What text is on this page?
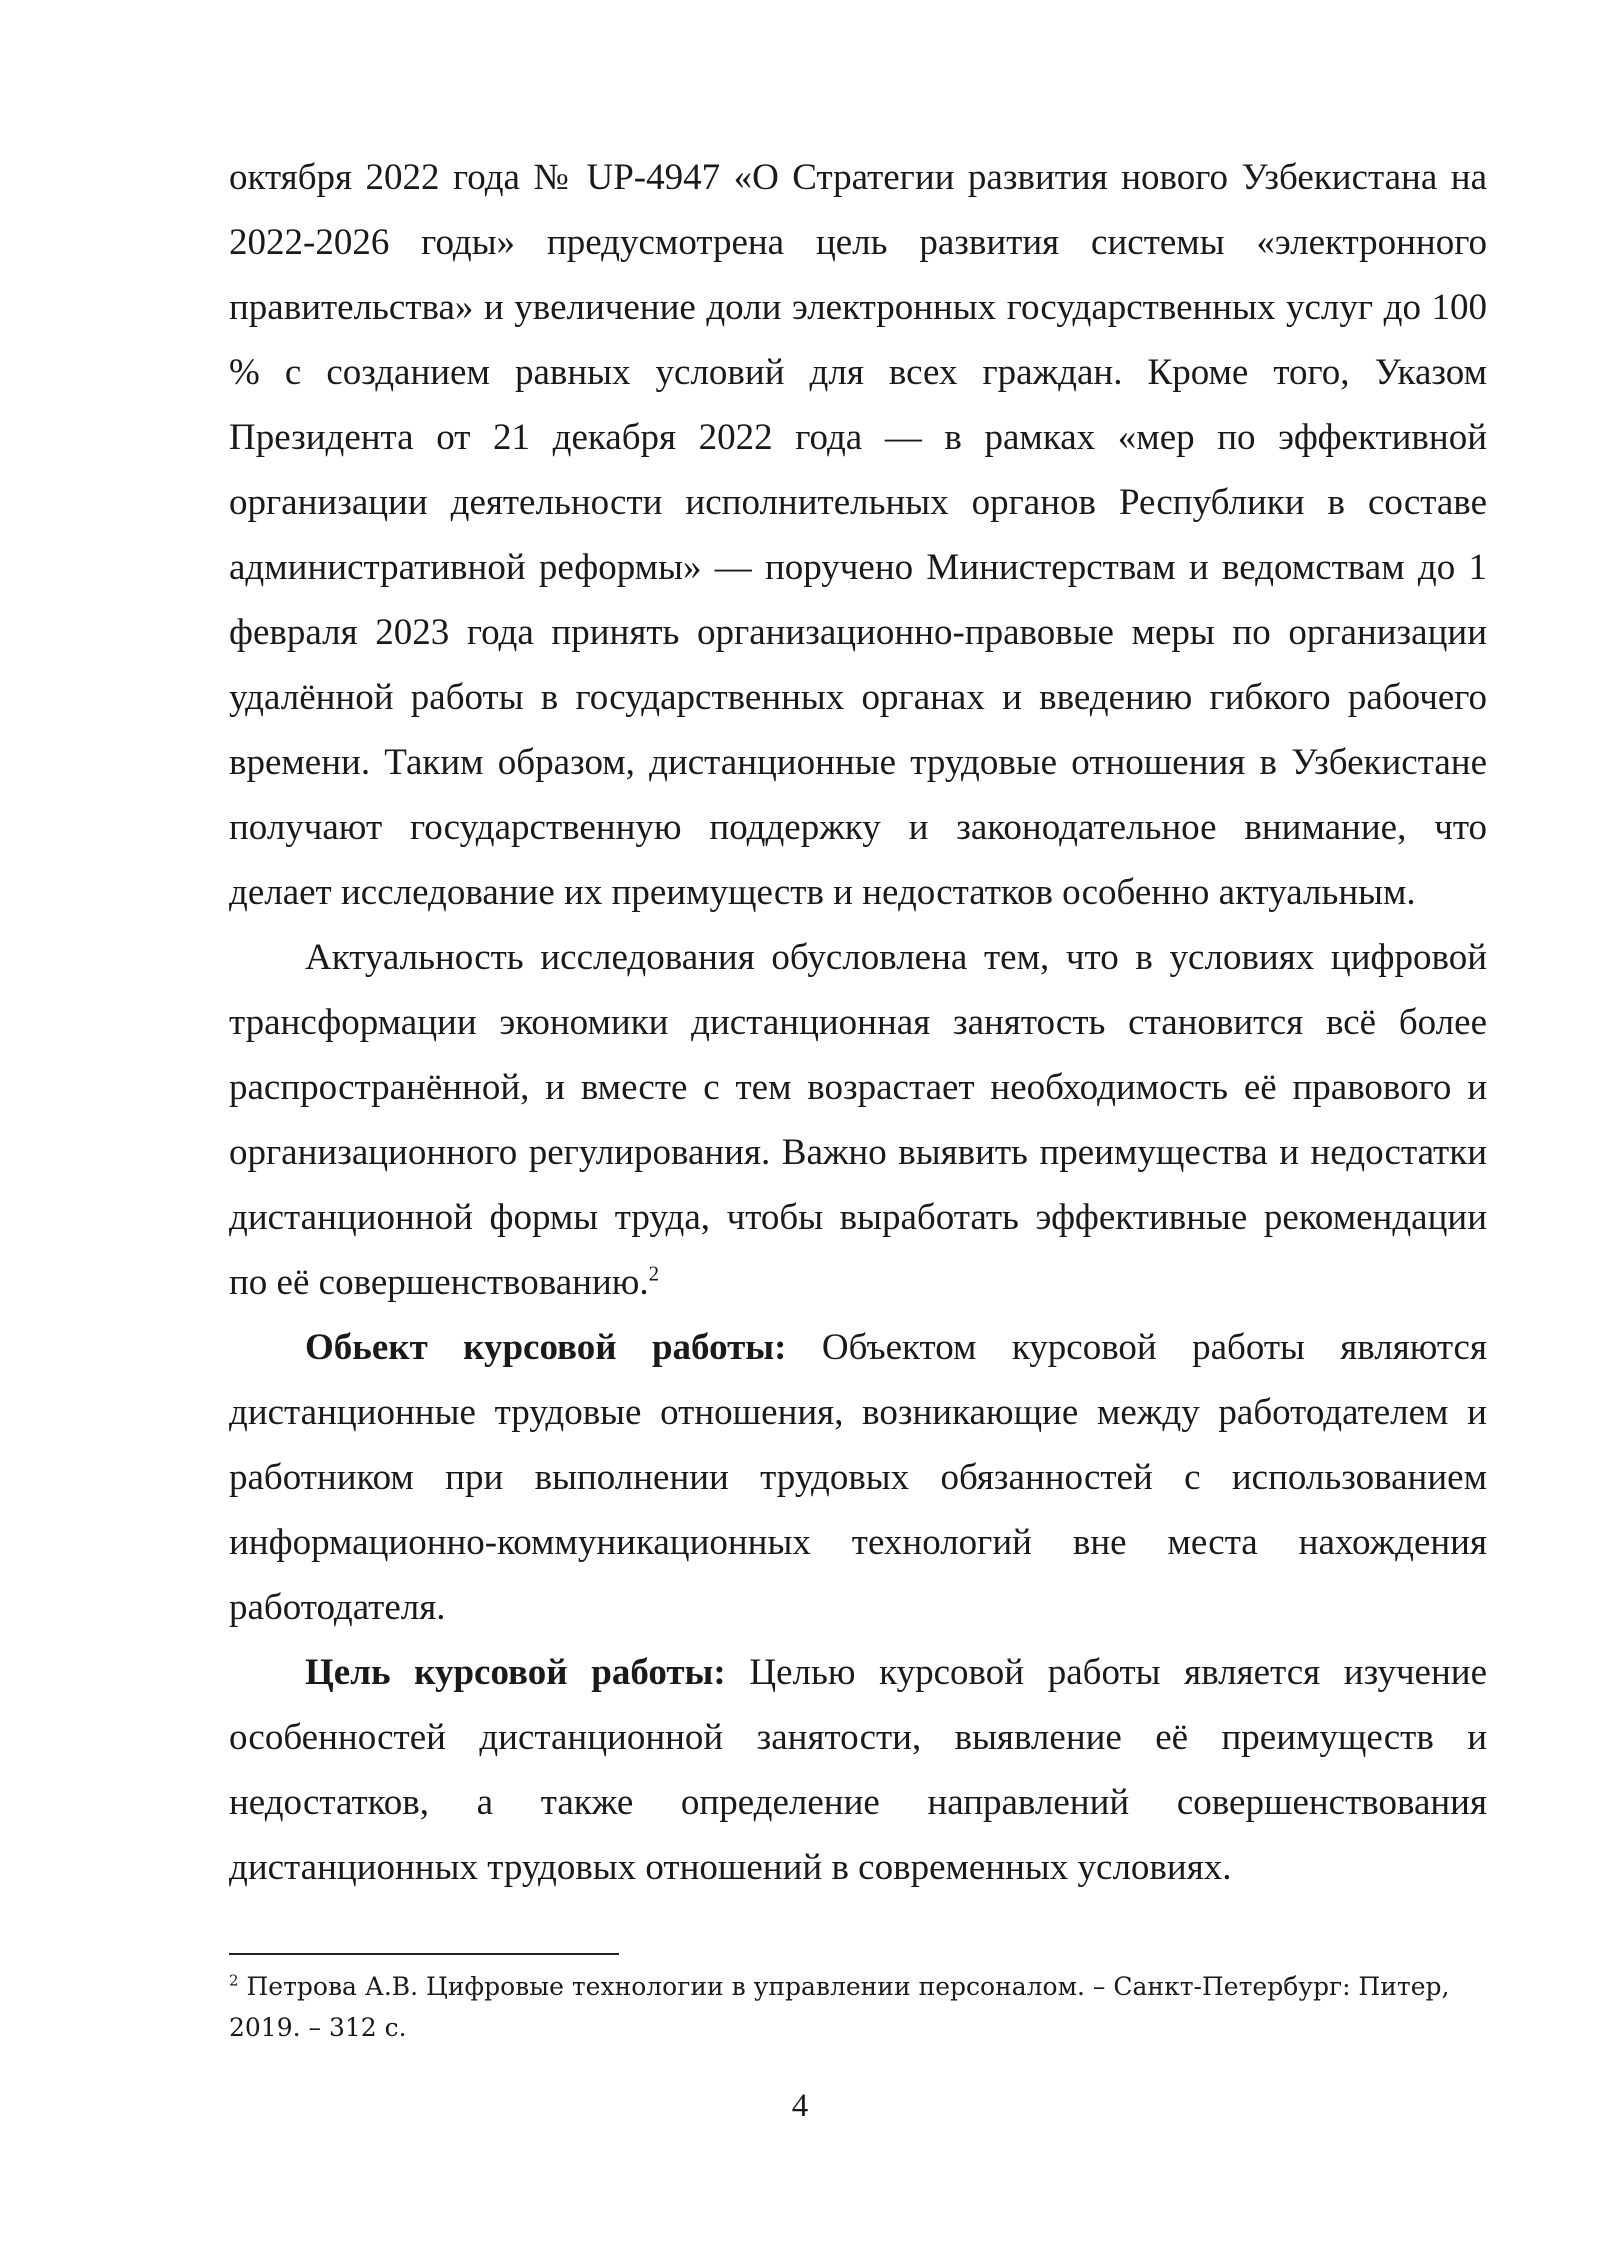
октября 2022 года № UP-4947 «О Стратегии развития нового Узбекистана на 2022-2026 годы» предусмотрена цель развития системы «электронного правительства» и увеличение доли электронных государственных услуг до 100 % с созданием равных условий для всех граждан. Кроме того, Указом Президента от 21 декабря 2022 года — в рамках «мер по эффективной организации деятельности исполнительных органов Республики в составе административной реформы» — поручено Министерствам и ведомствам до 1 февраля 2023 года принять организационно-правовые меры по организации удалённой работы в государственных органах и введению гибкого рабочего времени. Таким образом, дистанционные трудовые отношения в Узбекистане получают государственную поддержку и законодательное внимание, что делает исследование их преимуществ и недостатков особенно актуальным.

Актуальность исследования обусловлена тем, что в условиях цифровой трансформации экономики дистанционная занятость становится всё более распространённой, и вместе с тем возрастает необходимость её правового и организационного регулирования. Важно выявить преимущества и недостатки дистанционной формы труда, чтобы выработать эффективные рекомендации по её совершенствованию.$^2$

Обьект курсовой работы: Объектом курсовой работы являются дистанционные трудовые отношения, возникающие между работодателем и работником при выполнении трудовых обязанностей с использованием информационно-коммуникационных технологий вне места нахождения работодателя.

Цель курсовой работы: Целью курсовой работы является изучение особенностей дистанционной занятости, выявление её преимуществ и недостатков, а также определение направлений совершенствования дистанционных трудовых отношений в современных условиях.

$^2$ Петрова А.В. Цифровые технологии в управлении персоналом. – Санкт-Петербург: Питер, 2019. – 312 с.
4
